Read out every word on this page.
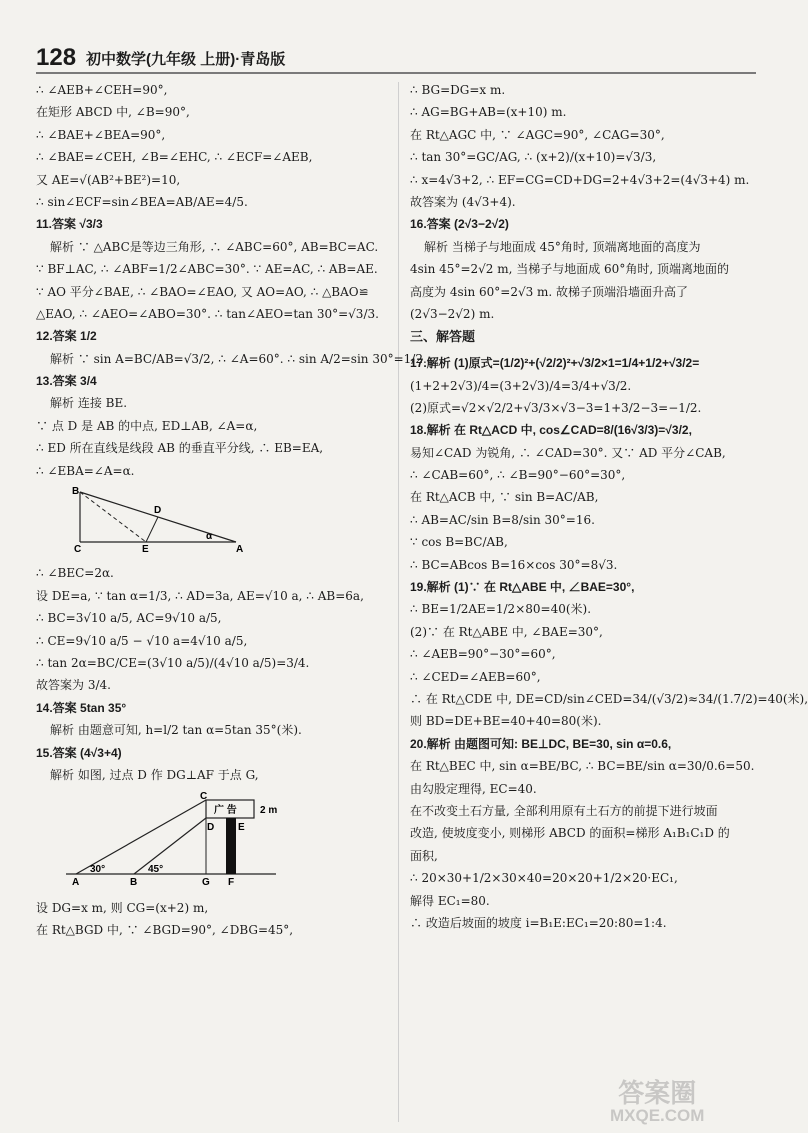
128 初中数学(九年级 上册)·青岛版
∴ ∠AEB+∠CEH=90°,
在矩形 ABCD 中, ∠B=90°,
∴ ∠BAE+∠BEA=90°,
∴ ∠BAE=∠CEH, ∠B=∠EHC, ∴ ∠ECF=∠AEB,
又 AE=√(AB²+BE²)=10,
∴ sin∠ECF=sin∠BEA=AB/AE=4/5.
11.答案 √3/3
解析 ∵ △ABC是等边三角形, ∴ ∠ABC=60°, AB=BC=AC.
∵ BF⊥AC, ∴ ∠ABF=1/2∠ABC=30°. ∵ AE=AC, ∴ AB=AE.
∵ AO 平分∠BAE, ∴ ∠BAO=∠EAO, 又 AO=AO, ∴ △BAO≌
△EAO, ∴ ∠AEO=∠ABO=30°. ∴ tan∠AEO=tan 30°=√3/3.
12.答案 1/2
解析 ∵ sin A=BC/AB=√3/2, ∴ ∠A=60°. ∴ sin A/2=sin 30°=1/2.
13.答案 3/4
解析 连接 BE.
∵ 点 D 是 AB 的中点, ED⊥AB, ∠A=α,
∴ ED 所在直线是线段 AB 的垂直平分线, ∴ EB=EA,
∴ ∠EBA=∠A=α.
B
C	E
D
A
α
∴ ∠BEC=2α.
设 DE=a, ∵ tan α=1/3, ∴ AD=3a, AE=√10 a, ∴ AB=6a,
∴ BC=3√10 a/5, AC=9√10 a/5,
∴ CE=9√10 a/5 − √10 a=4√10 a/5,
∴ tan 2α=BC/CE=(3√10 a/5)/(4√10 a/5)=3/4.
故答案为 3/4.
14.答案 5tan 35°
解析 由题意可知, h=l/2 tan α=5tan 35°(米).
15.答案 (4√3+4)
解析 如图, 过点 D 作 DG⊥AF 于点 G,
C
D E
A	B	G F
广 告 2 m
30°	45°
设 DG=x m, 则 CG=(x+2) m,
在 Rt△BGD 中, ∵ ∠BGD=90°, ∠DBG=45°,
∴ BG=DG=x m.
∴ AG=BG+AB=(x+10) m.
在 Rt△AGC 中, ∵ ∠AGC=90°, ∠CAG=30°,
∴ tan 30°=GC/AG, ∴ (x+2)/(x+10)=√3/3,
∴ x=4√3+2, ∴ EF=CG=CD+DG=2+4√3+2=(4√3+4) m.
故答案为 (4√3+4).
16.答案 (2√3−2√2)
解析 当梯子与地面成 45°角时, 顶端离地面的高度为
4sin 45°=2√2 m, 当梯子与地面成 60°角时, 顶端离地面的
高度为 4sin 60°=2√3 m. 故梯子顶端沿墙面升高了
(2√3−2√2) m.
三、解答题
17.解析 (1)原式=(1/2)²+(√2/2)²+√3/2×1=1/4+1/2+√3/2=
(1+2+2√3)/4=(3+2√3)/4=3/4+√3/2.
(2)原式=√2×√2/2+√3/3×√3−3=1+3/2−3=−1/2.
18.解析 在 Rt△ACD 中, cos∠CAD=8/(16√3/3)=√3/2,
易知∠CAD 为锐角, ∴ ∠CAD=30°. 又∵ AD 平分∠CAB,
∴ ∠CAB=60°, ∴ ∠B=90°−60°=30°,
在 Rt△ACB 中, ∵ sin B=AC/AB,
∴ AB=AC/sin B=8/sin 30°=16.
∵ cos B=BC/AB,
∴ BC=ABcos B=16×cos 30°=8√3.
19.解析 (1)∵ 在 Rt△ABE 中, ∠BAE=30°,
∴ BE=1/2AE=1/2×80=40(米).
(2)∵ 在 Rt△ABE 中, ∠BAE=30°,
∴ ∠AEB=90°−30°=60°,
∴ ∠CED=∠AEB=60°,
∴ 在 Rt△CDE 中, DE=CD/sin∠CED=34/(√3/2)≈34/(1.7/2)=40(米),
则 BD=DE+BE=40+40=80(米).
20.解析 由题图可知: BE⊥DC, BE=30, sin α=0.6,
在 Rt△BEC 中, sin α=BE/BC, ∴ BC=BE/sin α=30/0.6=50.
由勾股定理得, EC=40.
在不改变土石方量, 全部利用原有土石方的前提下进行坡面
改造, 使坡度变小, 则梯形 ABCD 的面积=梯形 A₁B₁C₁D 的
面积,
∴ 20×30+1/2×30×40=20×20+1/2×20·EC₁,
解得 EC₁=80.
∴ 改造后坡面的坡度 i=B₁E:EC₁=20:80=1:4.
答案圈
MXQE.COM
